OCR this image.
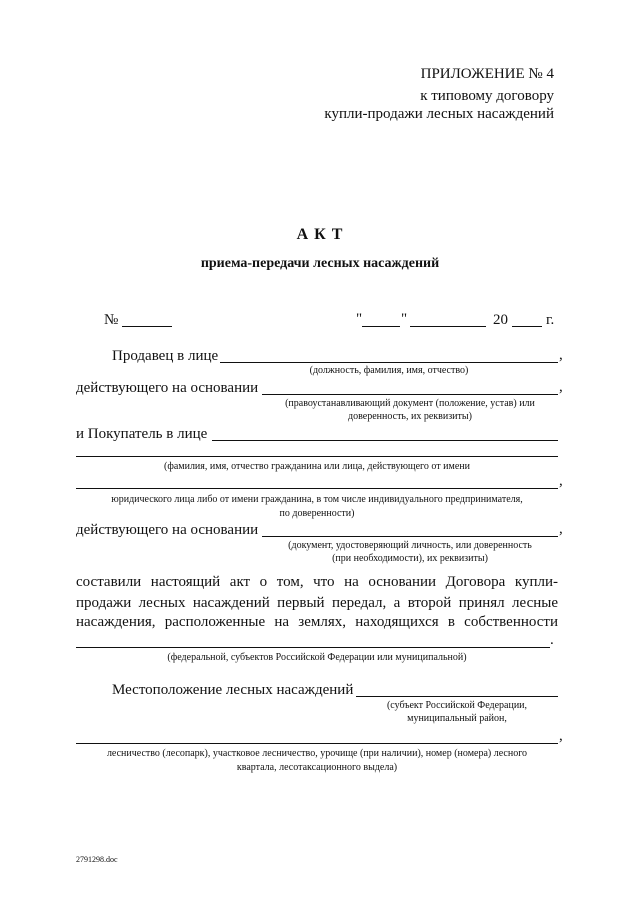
ПРИЛОЖЕНИЕ № 4
к типовому договору
купли-продажи лесных насаждений
А К Т
приема-передачи лесных насаждений
№	"	"	20	г.
Продавец в лице	,
(должность, фамилия, имя, отчество)
действующего на основании	,
(правоустанавливающий документ (положение, устав) или
доверенность, их реквизиты)
и Покупатель в лице
(фамилия, имя, отчество гражданина или лица, действующего от имени
,
юридического лица либо от имени гражданина, в том числе индивидуального предпринимателя,
по доверенности)
действующего на основании	,
(документ, удостоверяющий личность, или доверенность
(при необходимости), их реквизиты)
составили настоящий акт о том, что на основании Договора купли-
продажи лесных насаждений первый передал, а второй принял лесные
насаждения, расположенные на землях, находящихся в собственности
.
(федеральной, субъектов Российской Федерации или муниципальной)
Местоположение лесных насаждений
(субъект Российской Федерации,
муниципальный район,
,
лесничество (лесопарк), участковое лесничество, урочище (при наличии), номер (номера) лесного
квартала, лесотаксационного выдела)
2791298.doc
